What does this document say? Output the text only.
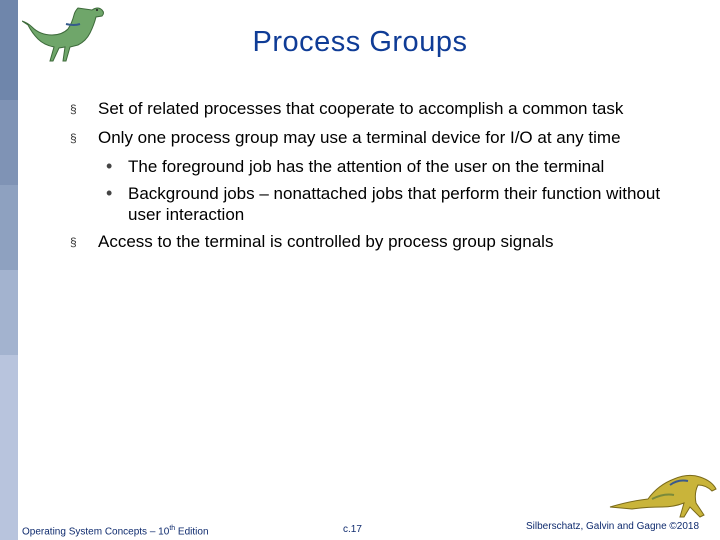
Process Groups
§ Set of related processes that cooperate to accomplish a common task
§ Only one process group may use a terminal device for I/O at any time
• The foreground job has the attention of the user on the terminal
• Background jobs – nonattached jobs that perform their function without user interaction
§ Access to the terminal is controlled by process group signals
Operating System Concepts – 10th Edition	c.17	Silberschatz, Galvin and Gagne ©2018
